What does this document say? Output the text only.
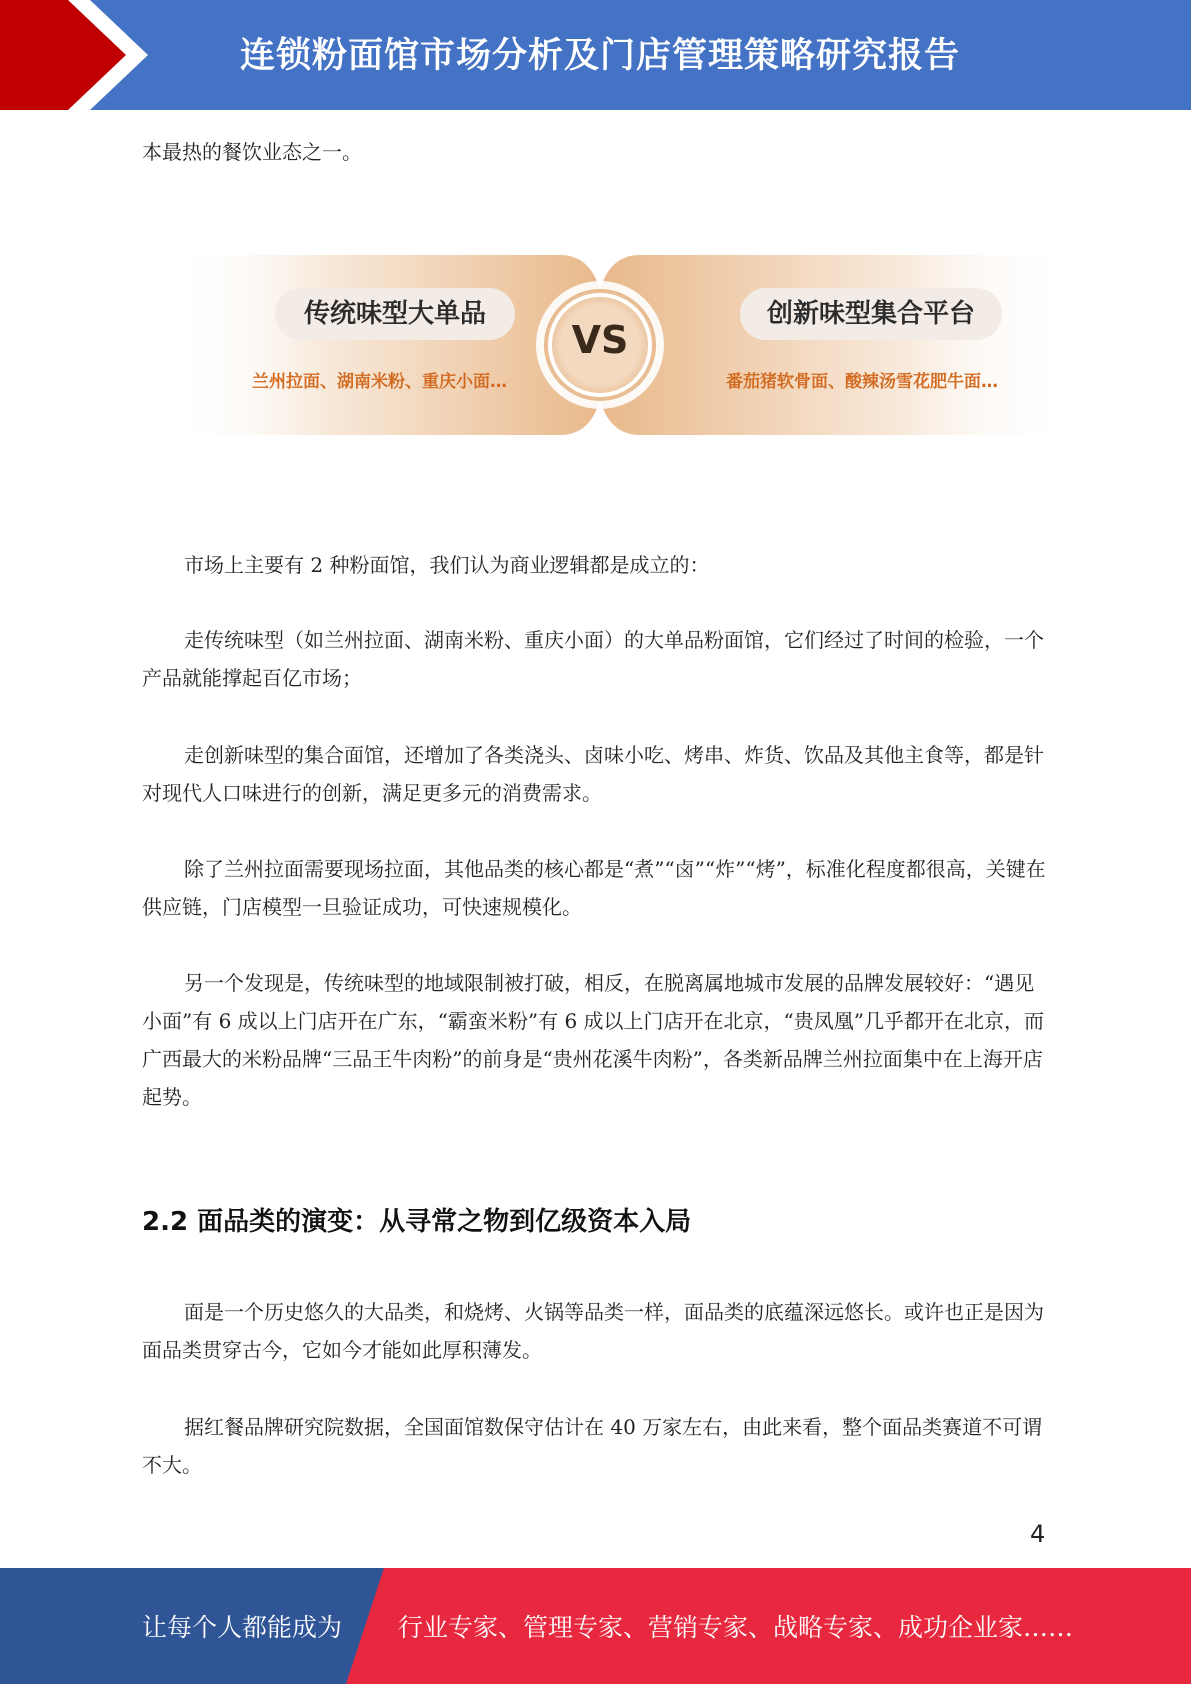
连锁粉面馆市场分析及门店管理策略研究报告
本最热的餐饮业态之一。
传统味型大单品
兰州拉面、湖南米粉、重庆小面…
VS
创新味型集合平台
番茄猪软骨面、酸辣汤雪花肥牛面…
市场上主要有 2 种粉面馆，我们认为商业逻辑都是成立的：
走传统味型（如兰州拉面、湖南米粉、重庆小面）的大单品粉面馆，它们经过了时间的检验，一个产品就能撑起百亿市场；
走创新味型的集合面馆，还增加了各类浇头、卤味小吃、烤串、炸货、饮品及其他主食等，都是针对现代人口味进行的创新，满足更多元的消费需求。
除了兰州拉面需要现场拉面，其他品类的核心都是“煮”“卤”“炸”“烤”，标准化程度都很高，关键在供应链，门店模型一旦验证成功，可快速规模化。
另一个发现是，传统味型的地域限制被打破，相反，在脱离属地城市发展的品牌发展较好：“遇见小面”有 6 成以上门店开在广东，“霸蛮米粉”有 6 成以上门店开在北京，“贵凤凰”几乎都开在北京，而广西最大的米粉品牌“三品王牛肉粉”的前身是“贵州花溪牛肉粉”，各类新品牌兰州拉面集中在上海开店起势。
2.2 面品类的演变：从寻常之物到亿级资本入局
面是一个历史悠久的大品类，和烧烤、火锅等品类一样，面品类的底蕴深远悠长。或许也正是因为面品类贯穿古今，它如今才能如此厚积薄发。
据红餐品牌研究院数据，全国面馆数保守估计在 40 万家左右，由此来看，整个面品类赛道不可谓不大。
4
让每个人都能成为 行业专家、管理专家、营销专家、战略专家、成功企业家……
